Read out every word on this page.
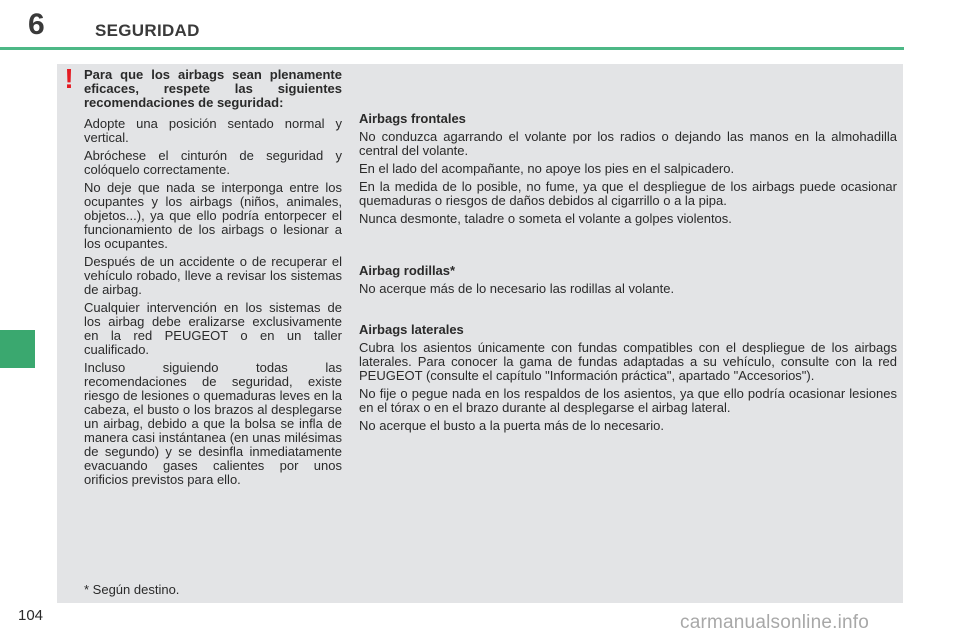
6	SEGURIDAD
! Para que los airbags sean plenamente eficaces, respete las siguientes recomendaciones de seguridad:

Adopte una posición sentado normal y vertical.

Abróchese el cinturón de seguridad y colóquelo correctamente.

No deje que nada se interponga entre los ocupantes y los airbags (niños, animales, objetos...), ya que ello podría entorpecer el funcionamiento de los airbags o lesionar a los ocupantes.

Después de un accidente o de recuperar el vehículo robado, lleve a revisar los sistemas de airbag.

Cualquier intervención en los sistemas de los airbag debe eralizarse exclusivamente en la red PEUGEOT o en un taller cualificado.

Incluso siguiendo todas las recomendaciones de seguridad, existe riesgo de lesiones o quemaduras leves en la cabeza, el busto o los brazos al desplegarse un airbag, debido a que la bolsa se infla de manera casi instántanea (en unas milésimas de segundo) y se desinfla inmediatamente evacuando gases calientes por unos orificios previstos para ello.

Airbags frontales

No conduzca agarrando el volante por los radios o dejando las manos en la almohadilla central del volante.

En el lado del acompañante, no apoye los pies en el salpicadero.

En la medida de lo posible, no fume, ya que el despliegue de los airbags puede ocasionar quemaduras o riesgos de daños debidos al cigarrillo o a la pipa.

Nunca desmonte, taladre o someta el volante a golpes violentos.

Airbag rodillas*

No acerque más de lo necesario las rodillas al volante.

Airbags laterales

Cubra los asientos únicamente con fundas compatibles con el despliegue de los airbags laterales. Para conocer la gama de fundas adaptadas a su vehículo, consulte con la red PEUGEOT (consulte el capítulo "Información práctica", apartado "Accesorios").

No fije o pegue nada en los respaldos de los asientos, ya que ello podría ocasionar lesiones en el tórax o en el brazo durante al desplegarse el airbag lateral.

No acerque el busto a la puerta más de lo necesario.

* Según destino.
104	carmanualsonline.info
